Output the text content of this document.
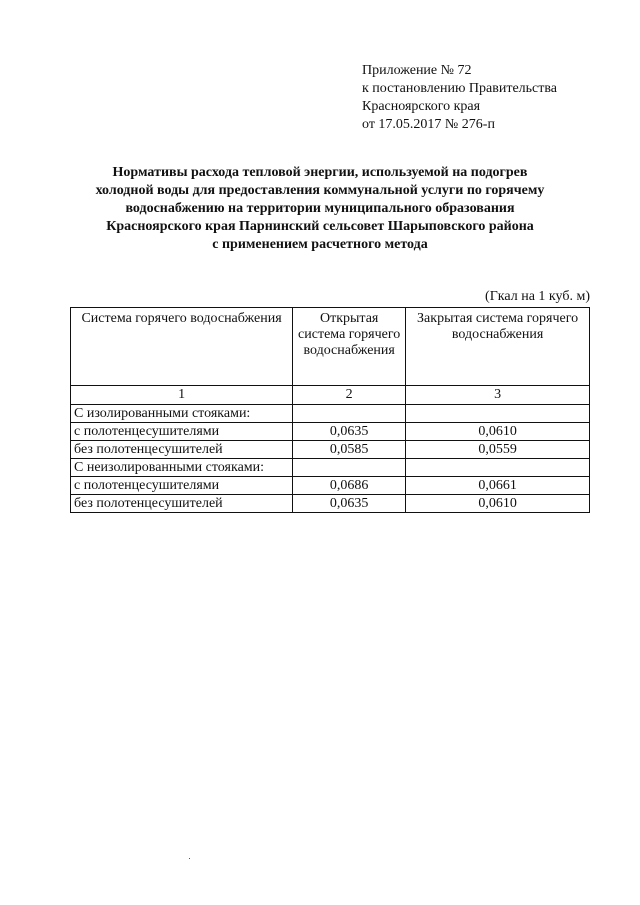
Приложение № 72
к постановлению Правительства
Красноярского края
от 17.05.2017 № 276-п
Нормативы расхода тепловой энергии, используемой на подогрев
холодной воды для предоставления коммунальной услуги по горячему
водоснабжению на территории муниципального образования
Красноярского края Парнинский сельсовет Шарыповского района
с применением расчетного метода
(Гкал на 1 куб. м)
Система горячего водоснабжения	Открытая система горячего водоснабжения	Закрытая система горячего водоснабжения
1	2	3
С изолированными стояками:		
с полотенцесушителями	0,0635	0,0610
без полотенцесушителей	0,0585	0,0559
С неизолированными стояками:		
с полотенцесушителями	0,0686	0,0661
без полотенцесушителей	0,0635	0,0610
